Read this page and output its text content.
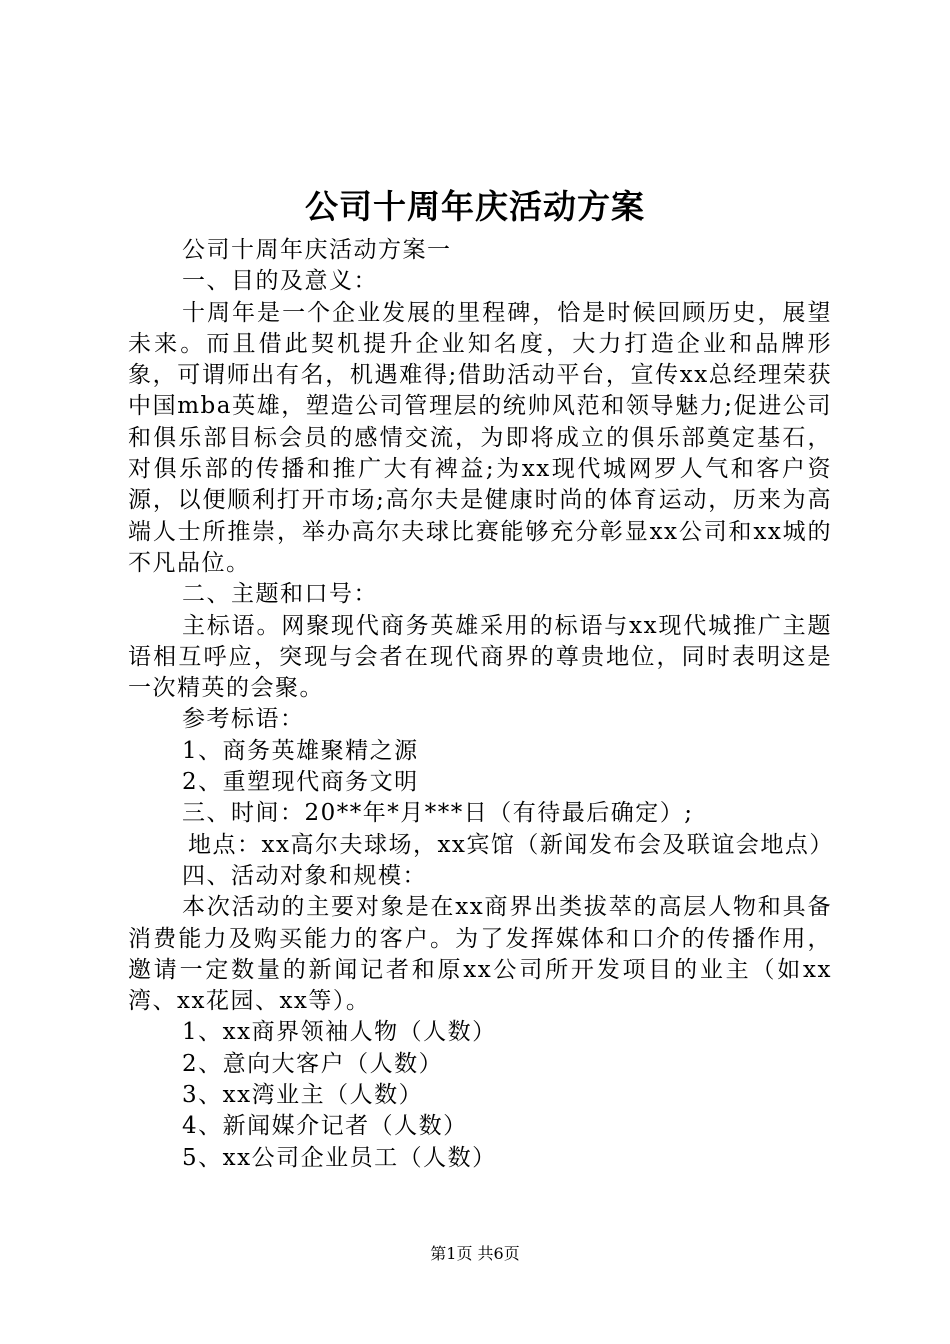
公司十周年庆活动方案

公司十周年庆活动方案一

一、目的及意义：

十周年是一个企业发展的里程碑，恰是时候回顾历史，展望未来。而且借此契机提升企业知名度，大力打造企业和品牌形象，可谓师出有名，机遇难得;借助活动平台，宣传xx总经理荣获中国mba英雄，塑造公司管理层的统帅风范和领导魅力;促进公司和俱乐部目标会员的感情交流，为即将成立的俱乐部奠定基石，对俱乐部的传播和推广大有裨益;为xx现代城网罗人气和客户资源，以便顺利打开市场;高尔夫是健康时尚的体育运动，历来为高端人士所推崇，举办高尔夫球比赛能够充分彰显xx公司和xx城的不凡品位。

二、主题和口号：

主标语。网聚现代商务英雄采用的标语与xx现代城推广主题语相互呼应，突现与会者在现代商界的尊贵地位，同时表明这是一次精英的会聚。

参考标语：

1、商务英雄聚精之源

2、重塑现代商务文明

三、时间：20**年*月***日（有待最后确定）;

地点：xx高尔夫球场，xx宾馆（新闻发布会及联谊会地点）

四、活动对象和规模：

本次活动的主要对象是在xx商界出类拔萃的高层人物和具备消费能力及购买能力的客户。为了发挥媒体和口介的传播作用，邀请一定数量的新闻记者和原xx公司所开发项目的业主（如xx湾、xx花园、xx等）。

1、xx商界领袖人物（人数）

2、意向大客户（人数）

3、xx湾业主（人数）

4、新闻媒介记者（人数）

5、xx公司企业员工（人数）

第1页 共6页
